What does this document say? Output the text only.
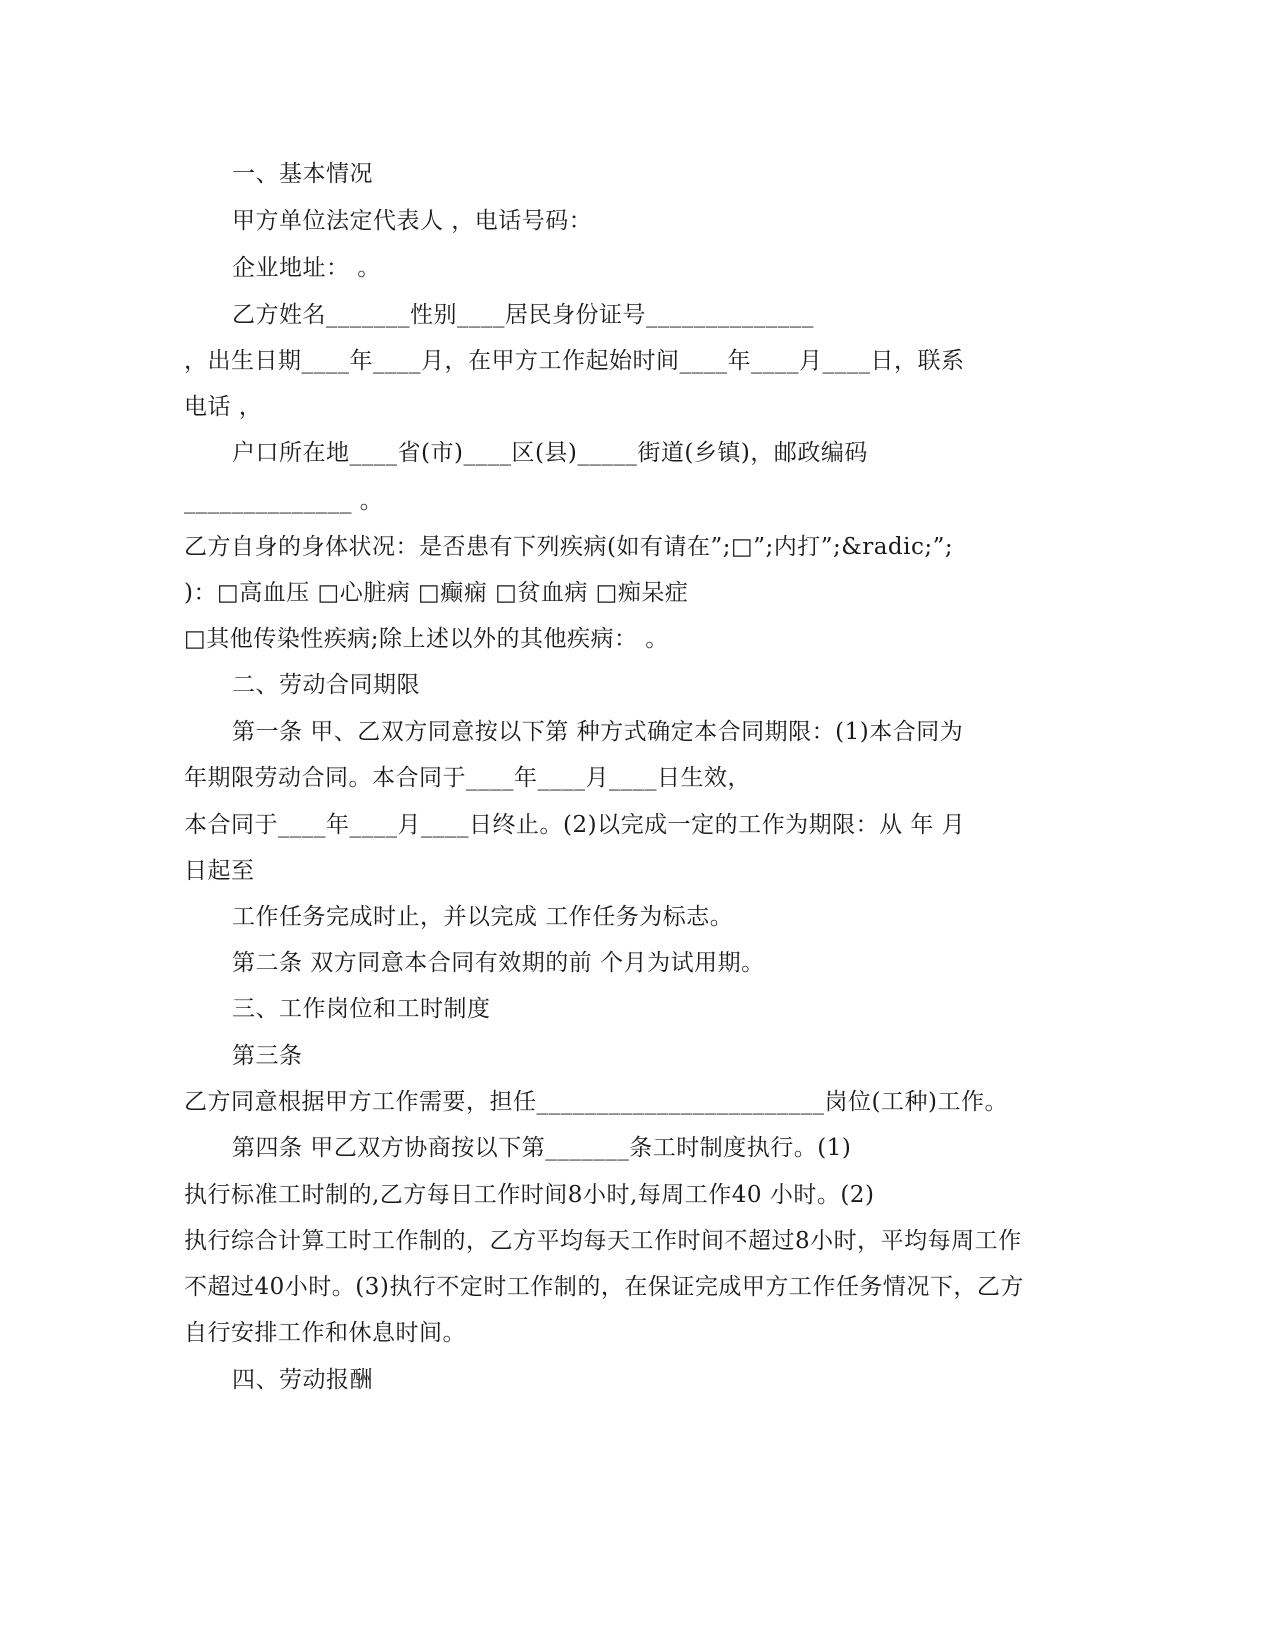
一、基本情况
甲方单位法定代表人 ，电话号码：
企业地址： 。
乙方姓名_______性别____居民身份证号______________
，出生日期____年____月，在甲方工作起始时间____年____月____日，联系
电话 ，
户口所在地____省(市)____区(县)_____街道(乡镇)，邮政编码
______________ 。
乙方自身的身体状况：是否患有下列疾病(如有请在”;□”;内打”;&radic;”;
)：□高血压 □心脏病 □癫痫 □贫血病 □痴呆症
□其他传染性疾病;除上述以外的其他疾病： 。
二、劳动合同期限
第一条 甲、乙双方同意按以下第 种方式确定本合同期限：(1)本合同为
年期限劳动合同。本合同于____年____月____日生效，
本合同于____年____月____日终止。(2)以完成一定的工作为期限：从 年 月
日起至
工作任务完成时止，并以完成 工作任务为标志。
第二条 双方同意本合同有效期的前 个月为试用期。
三、工作岗位和工时制度
第三条
乙方同意根据甲方工作需要，担任________________________岗位(工种)工作。
第四条 甲乙双方协商按以下第_______条工时制度执行。(1)
执行标准工时制的,乙方每日工作时间8小时,每周工作40 小时。(2)
执行综合计算工时工作制的，乙方平均每天工作时间不超过8小时，平均每周工作
不超过40小时。(3)执行不定时工作制的，在保证完成甲方工作任务情况下，乙方
自行安排工作和休息时间。
四、劳动报酬
